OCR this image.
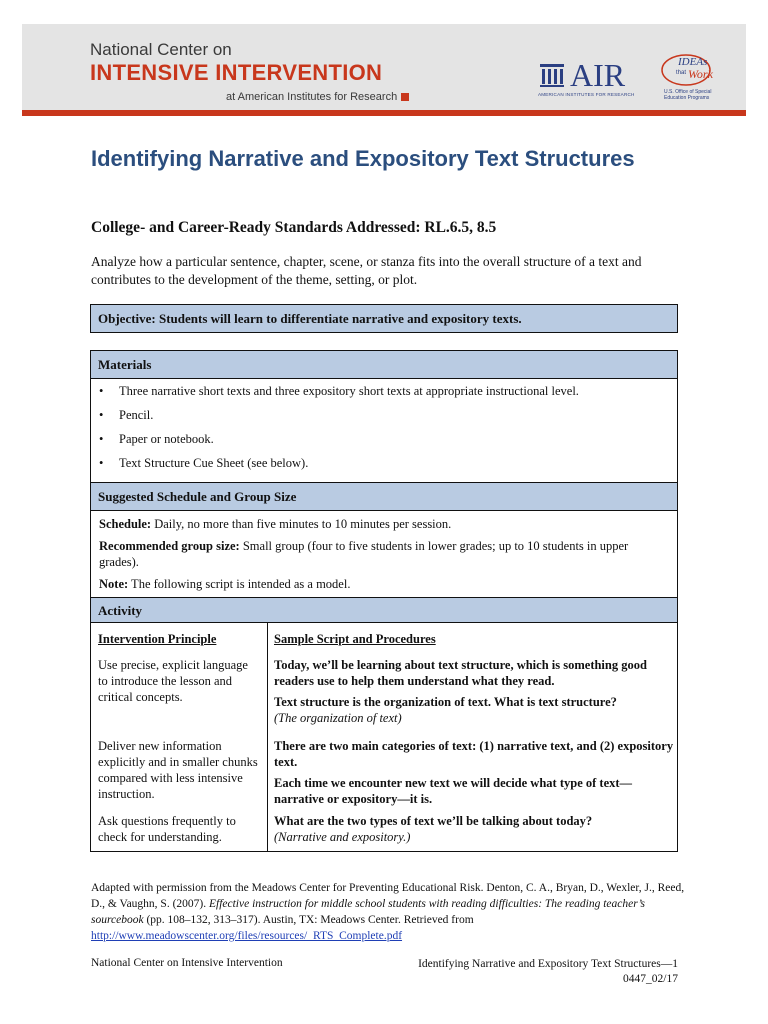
National Center on
INTENSIVE INTERVENTION
at American Institutes for Research
AIR
AMERICAN INSTITUTES FOR RESEARCH
IDEAs
that Work
U.S. Office of Special Education Programs
Identifying Narrative and Expository Text Structures

College- and Career-Ready Standards Addressed: RL.6.5, 8.5

Analyze how a particular sentence, chapter, scene, or stanza fits into the overall structure of a text and contributes to the development of the theme, setting, or plot.

Objective: Students will learn to differentiate narrative and expository texts.
Materials
• Three narrative short texts and three expository short texts at appropriate instructional level.
• Pencil.
• Paper or notebook.
• Text Structure Cue Sheet (see below).
Suggested Schedule and Group Size

Schedule: Daily, no more than five minutes to 10 minutes per session.

Recommended group size: Small group (four to five students in lower grades; up to 10 students in upper grades).

Note: The following script is intended as a model.

Activity
Intervention Principle	Sample Script and Procedures
Use precise, explicit language to introduce the lesson and critical concepts.

Today, we’ll be learning about text structure, which is something good readers use to help them understand what they read.

Text structure is the organization of text. What is text structure?

(The organization of text)

Deliver new information explicitly and in smaller chunks compared with less intensive instruction.

There are two main categories of text: (1) narrative text, and (2) expository text.

Each time we encounter new text we will decide what type of text—narrative or expository—it is.

Ask questions frequently to check for understanding.

What are the two types of text we’ll be talking about today?

(Narrative and expository.)

Adapted with permission from the Meadows Center for Preventing Educational Risk. Denton, C. A., Bryan, D., Wexler, J., Reed, D., & Vaughn, S. (2007). Effective instruction for middle school students with reading difficulties: The reading teacher’s sourcebook (pp. 108–132, 313–317). Austin, TX: Meadows Center. Retrieved from http://www.meadowscenter.org/files/resources/_RTS_Complete.pdf

National Center on Intensive Intervention	Identifying Narrative and Expository Text Structures—1
0447_02/17
